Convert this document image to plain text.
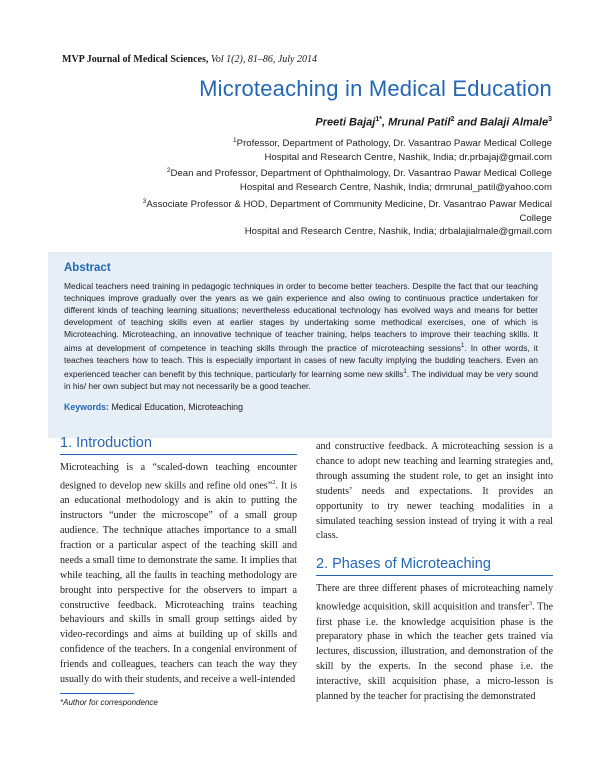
MVP Journal of Medical Sciences, Vol 1(2), 81–86, July 2014
Microteaching in Medical Education
Preeti Bajaj$^{1*}$, Mrunal Patil$^2$ and Balaji Almale$^3$
$^1$Professor, Department of Pathology, Dr. Vasantrao Pawar Medical College
Hospital and Research Centre, Nashik, India; dr.prbajaj@gmail.com
$^2$Dean and Professor, Department of Ophthalmology, Dr. Vasantrao Pawar Medical College
Hospital and Research Centre, Nashik, India; drmrunal_patil@yahoo.com
$^3$Associate Professor & HOD, Department of Community Medicine, Dr. Vasantrao Pawar Medical College
Hospital and Research Centre, Nashik, India; drbalajialmale@gmail.com
Abstract

Medical teachers need training in pedagogic techniques in order to become better teachers. Despite the fact that our teaching techniques improve gradually over the years as we gain experience and also owing to continuous practice undertaken for different kinds of teaching learning situations; nevertheless educational technology has evolved ways and means for better development of teaching skills even at earlier stages by undertaking some methodical exercises, one of which is Microteaching. Microteaching, an innovative technique of teacher training, helps teachers to improve their teaching skills. It aims at development of competence in teaching skills through the practice of microteaching sessions$^1$. In other words, it teaches teachers how to teach. This is especially important in cases of new faculty implying the budding teachers. Even an experienced teacher can benefit by this technique, particularly for learning some new skills$^1$. The individual may be very sound in his/ her own subject but may not necessarily be a good teacher.

Keywords: Medical Education, Microteaching
1. Introduction

Microteaching is a “scaled-down teaching encounter designed to develop new skills and refine old ones”$^2$. It is an educational methodology and is akin to putting the instructors “under the microscope” of a small group audience. The technique attaches importance to a small fraction or a particular aspect of the teaching skill and needs a small time to demonstrate the same. It implies that while teaching, all the faults in teaching methodology are brought into perspective for the observers to impart a constructive feedback. Microteaching trains teaching behaviours and skills in small group settings aided by video-recordings and aims at building up of skills and confidence of the teachers. In a congenial environment of friends and colleagues, teachers can teach the way they usually do with their students, and receive a well-intended

and constructive feedback. A microteaching session is a chance to adopt new teaching and learning strategies and, through assuming the student role, to get an insight into students’ needs and expectations. It provides an opportunity to try newer teaching modalities in a simulated teaching session instead of trying it with a real class.

2. Phases of Microteaching

There are three different phases of microteaching namely knowledge acquisition, skill acquisition and transfer$^3$. The first phase i.e. the knowledge acquisition phase is the preparatory phase in which the teacher gets trained via lectures, discussion, illustration, and demonstration of the skill by the experts. In the second phase i.e. the interactive, skill acquisition phase, a micro-lesson is planned by the teacher for practising the demonstrated

*Author for correspondence
